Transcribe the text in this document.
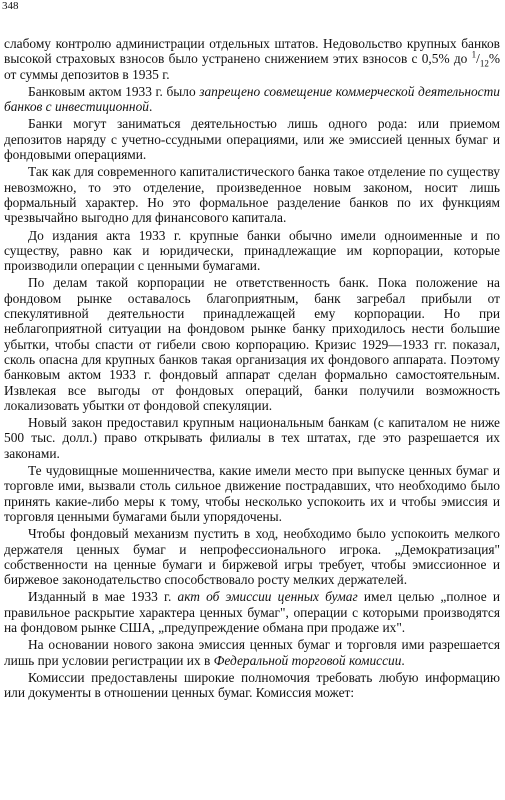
348

слабому контролю администрации отдельных штатов. Недовольство крупных банков высокой страховых взносов было устранено снижением этих взносов с 0,5% до $^1/_{12}\%$ от суммы депозитов в 1935 г.

Банковым актом 1933 г. было запрещено совмещение коммерческой деятельности банков с инвестиционной.

Банки могут заниматься деятельностью лишь одного рода: или приемом депозитов наряду с учетно-ссудными операциями, или же эмиссией ценных бумаг и фондовыми операциями.

Так как для современного капиталистического банка такое отделение по существу невозможно, то это отделение, произведенное новым законом, носит лишь формальный характер. Но это формальное разделение банков по их функциям чрезвычайно выгодно для финансового капитала.

До издания акта 1933 г. крупные банки обычно имели одноименные и по существу, равно как и юридически, принадлежащие им корпорации, которые производили операции с ценными бумагами.

По делам такой корпорации не ответственность банк. Пока положение на фондовом рынке оставалось благоприятным, банк загребал прибыли от спекулятивной деятельности принадлежащей ему корпорации. Но при неблагоприятной ситуации на фондовом рынке банку приходилось нести большие убытки, чтобы спасти от гибели свою корпорацию. Кризис 1929—1933 гг. показал, сколь опасна для крупных банков такая организация их фондового аппарата. Поэтому банковым актом 1933 г. фондовый аппарат сделан формально самостоятельным. Извлекая все выгоды от фондовых операций, банки получили возможность локализовать убытки от фондовой спекуляции.

Новый закон предоставил крупным национальным банкам (с капиталом не ниже 500 тыс. долл.) право открывать филиалы в тех штатах, где это разрешается их законами.

Те чудовищные мошенничества, какие имели место при выпуске ценных бумаг и торговле ими, вызвали столь сильное движение пострадавших, что необходимо было принять какие-либо меры к тому, чтобы несколько успокоить их и чтобы эмиссия и торговля ценными бумагами были упорядочены.

Чтобы фондовый механизм пустить в ход, необходимо было успокоить мелкого держателя ценных бумаг и непрофессионального игрока. „Демократизация" собственности на ценные бумаги и биржевой игры требует, чтобы эмиссионное и биржевое законодательство способствовало росту мелких держателей.

Изданный в мае 1933 г. акт об эмиссии ценных бумаг имел целью „полное и правильное раскрытие характера ценных бумаг", операции с которыми производятся на фондовом рынке США, „предупреждение обмана при продаже их".

На основании нового закона эмиссия ценных бумаг и торговля ими разрешается лишь при условии регистрации их в Федеральной торговой комиссии.

Комиссии предоставлены широкие полномочия требовать любую информацию или документы в отношении ценных бумаг. Комиссия может:
